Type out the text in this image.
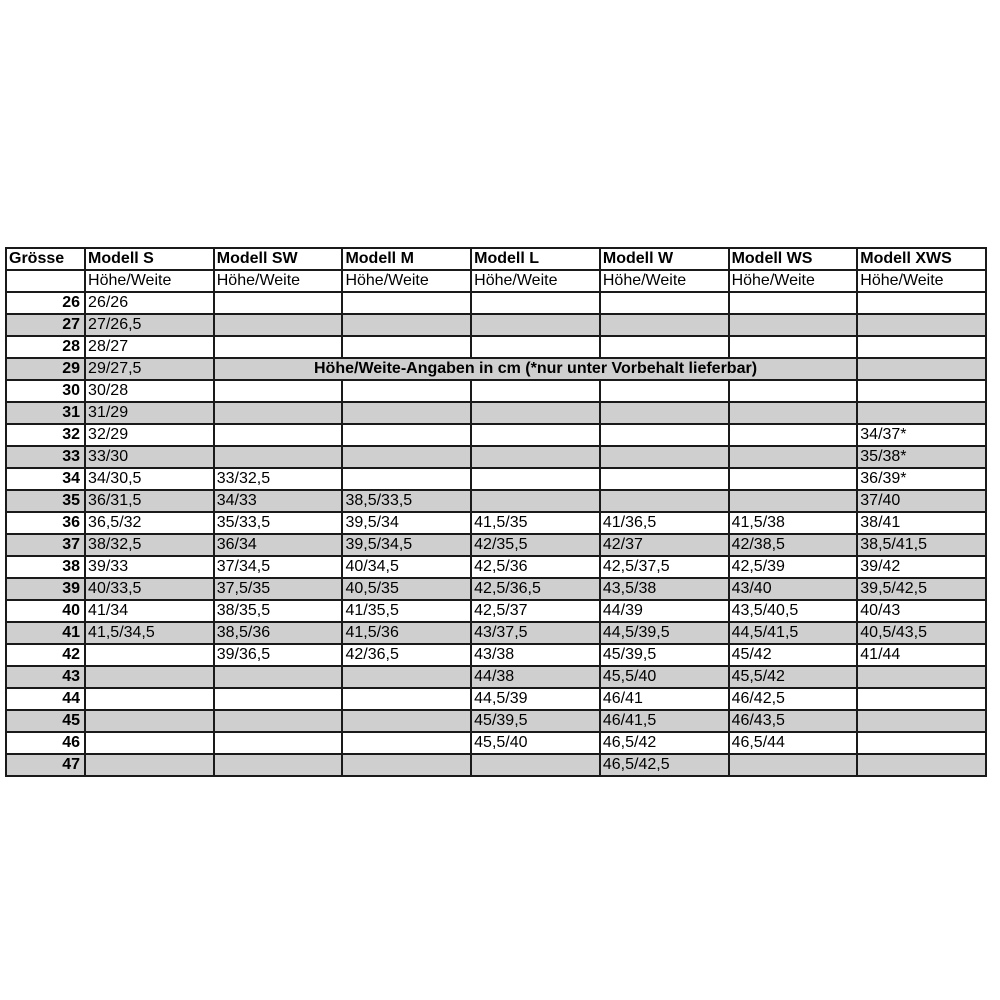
Grösse	Modell S	Modell SW	Modell M	Modell L	Modell W	Modell WS	Modell XWS
	Höhe/Weite	Höhe/Weite	Höhe/Weite	Höhe/Weite	Höhe/Weite	Höhe/Weite	Höhe/Weite
26	26/26						
27	27/26,5						
28	28/27						
29	29/27,5	Höhe/Weite-Angaben in cm (*nur unter Vorbehalt lieferbar)					
30	30/28						
31	31/29						
32	32/29						34/37*
33	33/30						35/38*
34	34/30,5	33/32,5					36/39*
35	36/31,5	34/33	38,5/33,5				37/40
36	36,5/32	35/33,5	39,5/34	41,5/35	41/36,5	41,5/38	38/41
37	38/32,5	36/34	39,5/34,5	42/35,5	42/37	42/38,5	38,5/41,5
38	39/33	37/34,5	40/34,5	42,5/36	42,5/37,5	42,5/39	39/42
39	40/33,5	37,5/35	40,5/35	42,5/36,5	43,5/38	43/40	39,5/42,5
40	41/34	38/35,5	41/35,5	42,5/37	44/39	43,5/40,5	40/43
41	41,5/34,5	38,5/36	41,5/36	43/37,5	44,5/39,5	44,5/41,5	40,5/43,5
42		39/36,5	42/36,5	43/38	45/39,5	45/42	41/44
43				44/38	45,5/40	45,5/42	
44				44,5/39	46/41	46/42,5	
45				45/39,5	46/41,5	46/43,5	
46				45,5/40	46,5/42	46,5/44	
47					46,5/42,5		
